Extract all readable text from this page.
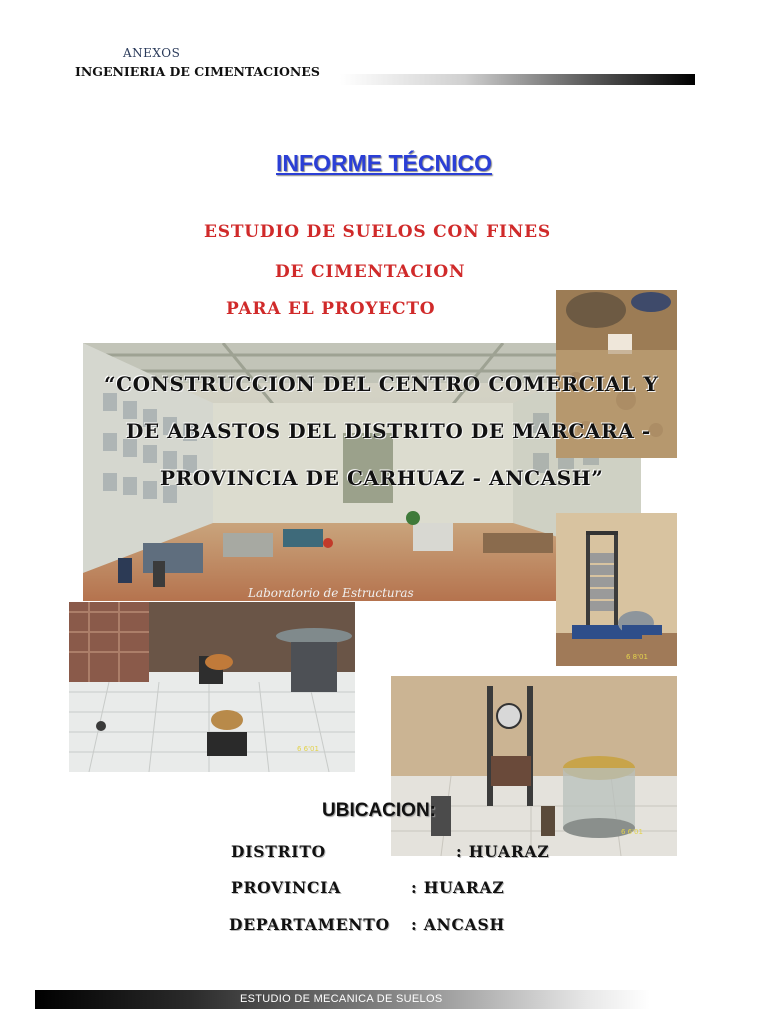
ANEXOS
INGENIERIA DE CIMENTACIONES
INFORME TÉCNICO
ESTUDIO DE SUELOS CON FINES
DE CIMENTACION
PARA EL PROYECTO
Laboratorio de Estructuras
6 8'01
6 6'01
6 6'01
“CONSTRUCCION DEL CENTRO COMERCIAL Y
DE ABASTOS DEL DISTRITO DE MARCARA -
PROVINCIA DE CARHUAZ - ANCASH”
UBICACION:
DISTRITO	: HUARAZ
PROVINCIA	: HUARAZ
DEPARTAMENTO : ANCASH
ESTUDIO DE MECANICA DE SUELOS
